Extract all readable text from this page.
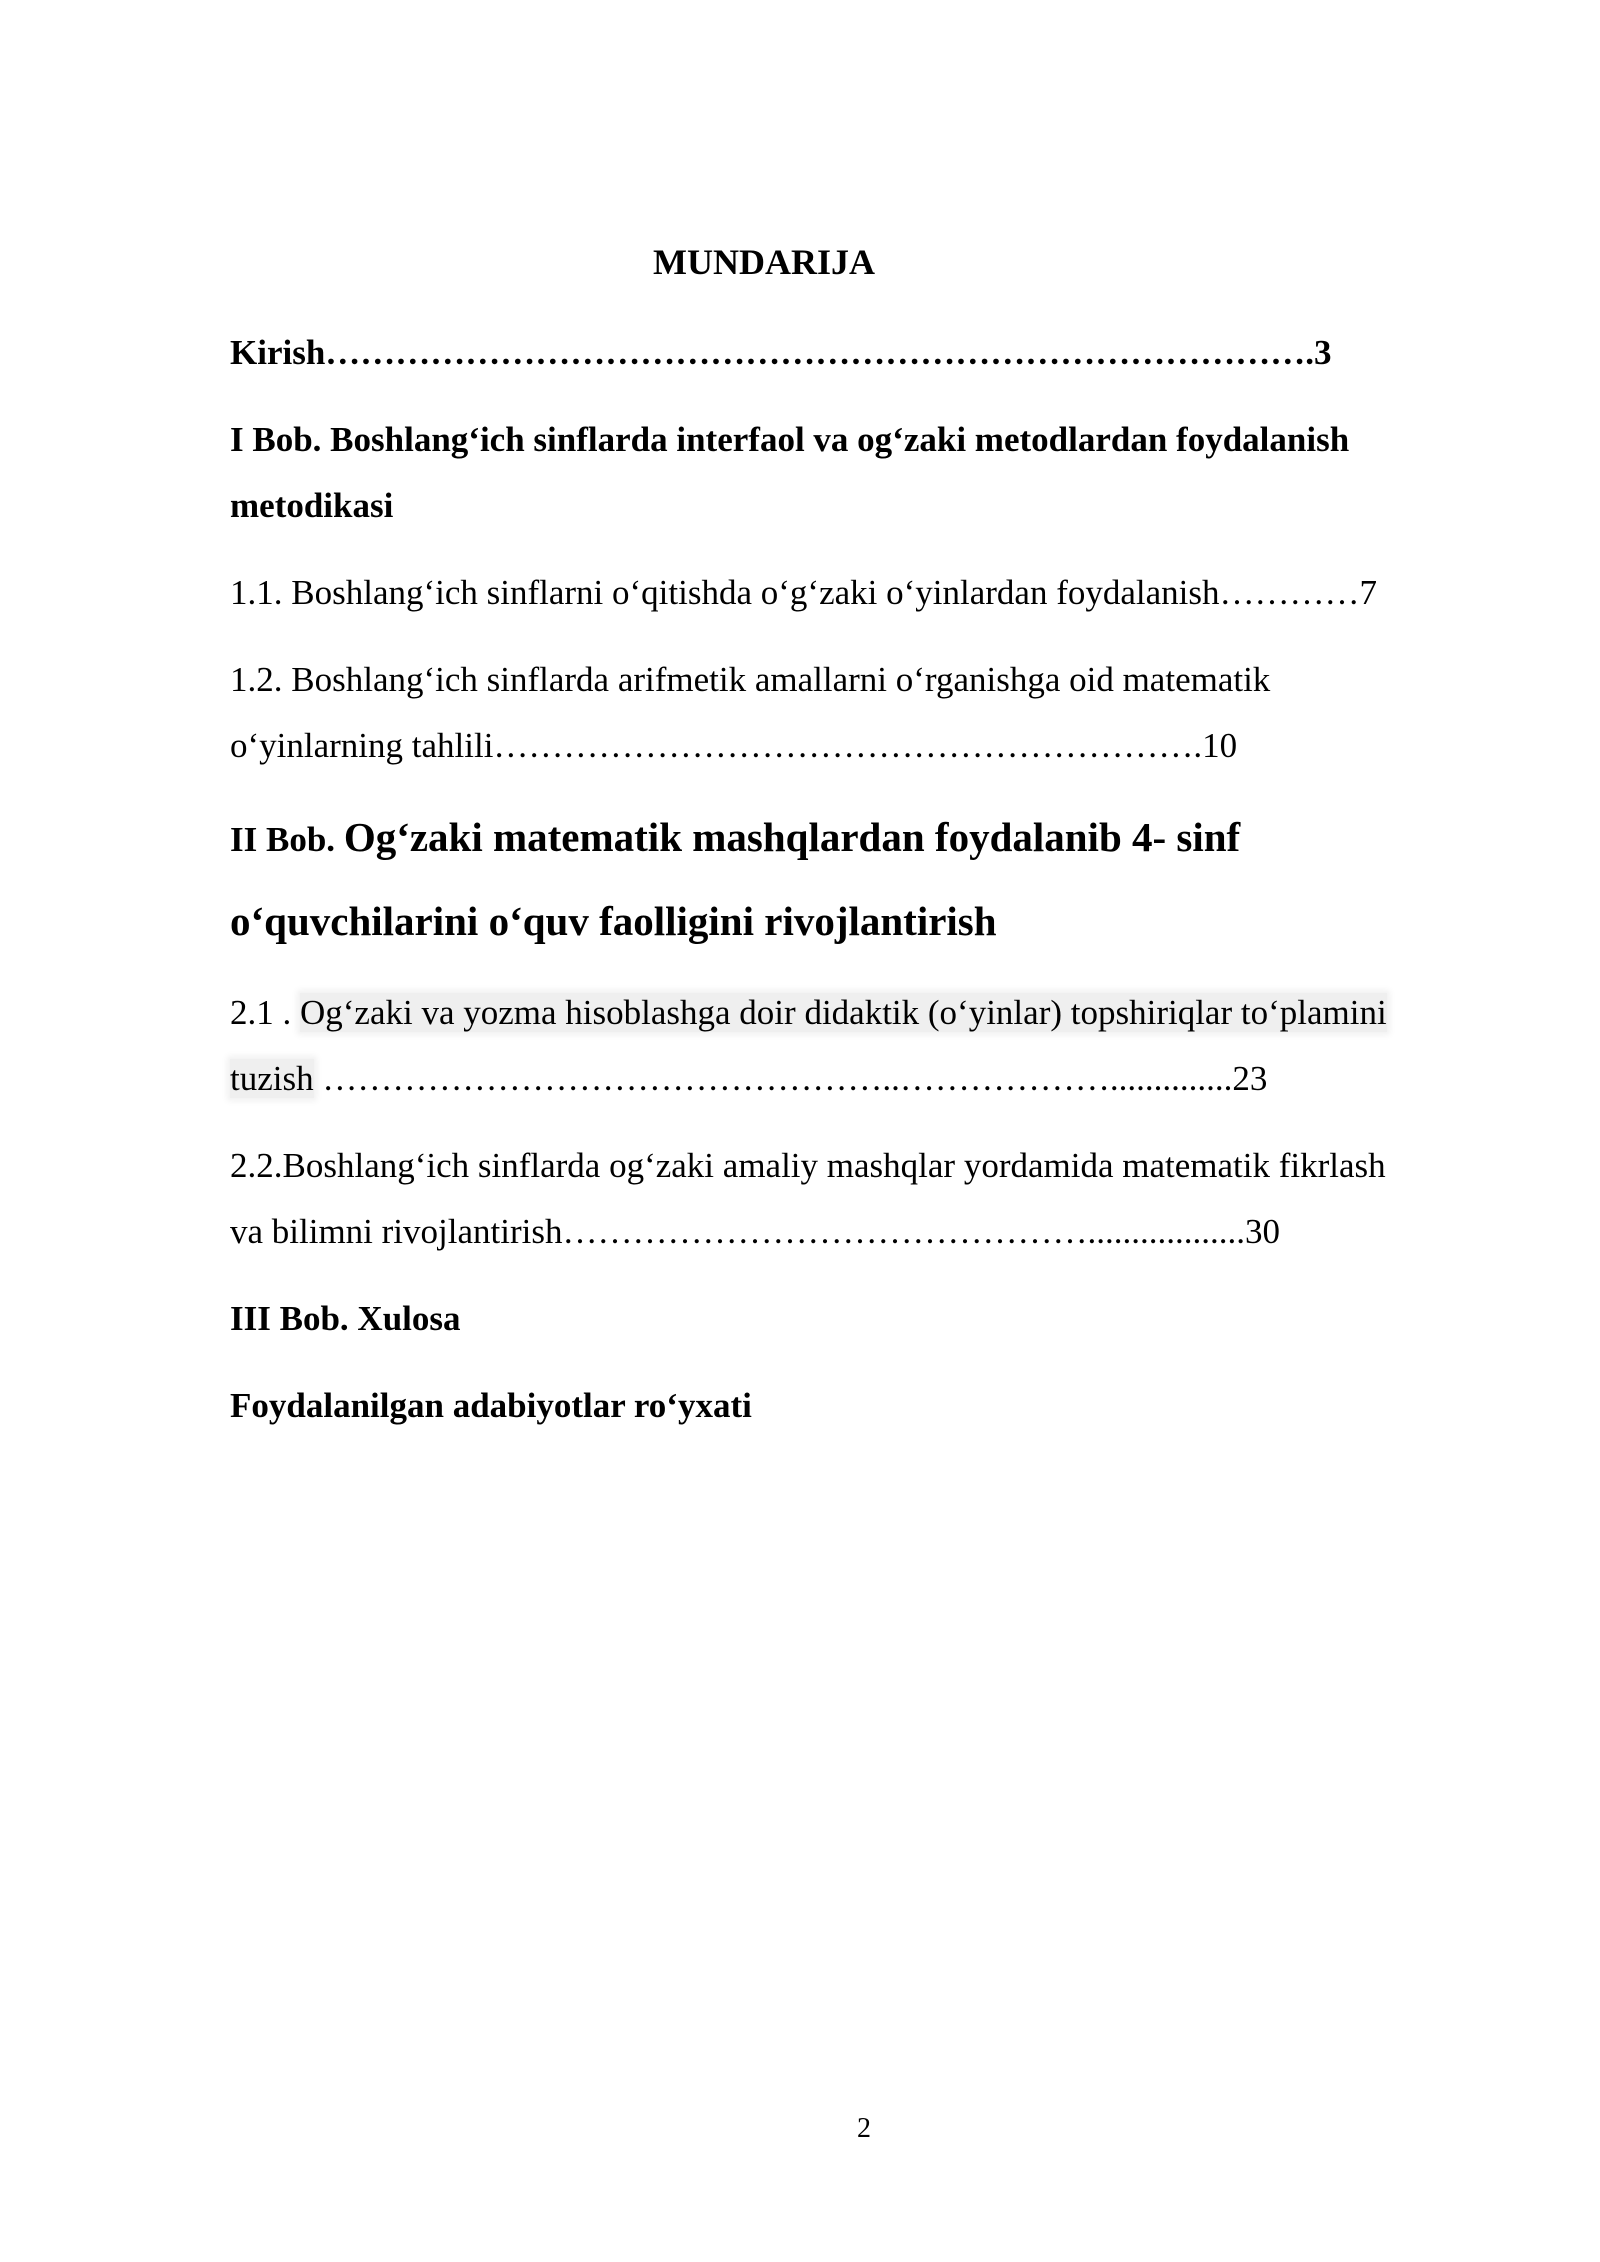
MUNDARIJA
Kirish………………………………………………………………………….3
I Bob. Boshlang‘ich sinflarda interfaol va og‘zaki metodlardan foydalanish
metodikasi
1.1. Boshlang‘ich sinflarni o‘qitishda o‘g‘zaki o‘yinlardan foydalanish…………7
1.2. Boshlang‘ich sinflarda arifmetik amallarni o‘rganishga oid matematik
o‘yinlarning tahlili…………………………………………………….10
II Bob. Og‘zaki matematik mashqlardan foydalanib 4- sinf
o‘quvchilarini o‘quv faolligini rivojlantirish
2.1 . Og‘zaki va yozma hisoblashga doir didaktik (o‘yinlar) topshiriqlar to‘plamini
tuzish …………………………………………..………………..............23
2.2.Boshlang‘ich sinflarda og‘zaki amaliy mashqlar yordamida matematik fikrlash
va bilimni rivojlantirish………………………………………..................30
III Bob. Xulosa
Foydalanilgan adabiyotlar ro‘yxati
2
